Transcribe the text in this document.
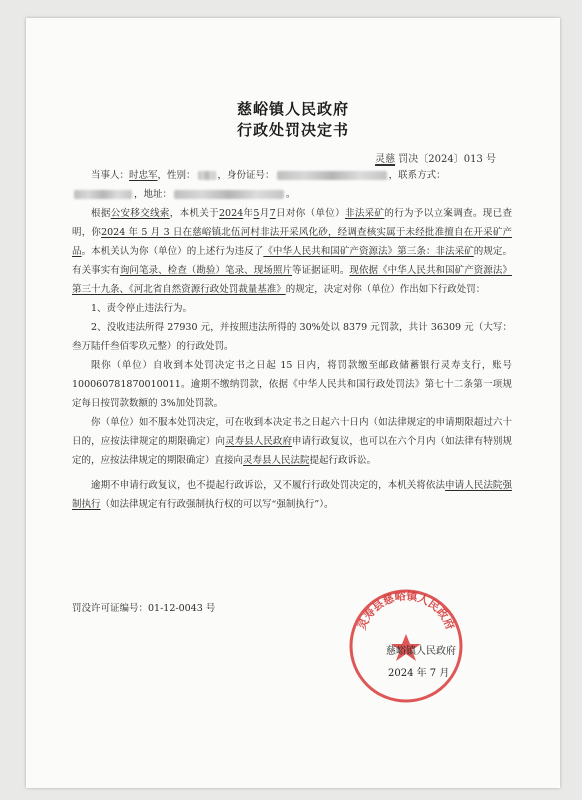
慈峪镇人民政府
行政处罚决定书
灵慈 罚决〔2024〕013 号

当事人：时忠军，性别： ，身份证号：	，联系方式：

，地址：	。

根据公安移交线索，本机关于2024年5月7日对你（单位）非法采矿的行为予以立案调查。现已查明，你2024 年 5 月 3 日在慈峪镇北伍河村非法开采风化砂，经调查核实属于未经批准擅自在开采矿产品。本机关认为你（单位）的上述行为违反了《中华人民共和国矿产资源法》第三条：非法采矿的规定。有关事实有询问笔录、检查（勘验）笔录、现场照片等证据证明。现依据《中华人民共和国矿产资源法》第三十九条、《河北省自然资源行政处罚裁量基准》的规定，决定对你（单位）作出如下行政处罚：

1、责令停止违法行为。

2、没收违法所得 27930 元，并按照违法所得的 30%处以 8379 元罚款，共计 36309 元（大写：叁万陆仟叁佰零玖元整）的行政处罚。

限你（单位）自收到本处罚决定书之日起 15 日内，将罚款缴至邮政储蓄银行灵寿支行，账号 100060781870010011。逾期不缴纳罚款，依据《中华人民共和国行政处罚法》第七十二条第一项规定每日按罚款数额的 3%加处罚款。

你（单位）如不服本处罚决定，可在收到本决定书之日起六十日内（如法律规定的申请期限超过六十日的，应按法律规定的期限确定）向灵寿县人民政府申请行政复议，也可以在六个月内（如法律有特别规定的，应按法律规定的期限确定）直接向灵寿县人民法院提起行政诉讼。

逾期不申请行政复议，也不提起行政诉讼，又不履行行政处罚决定的，本机关将依法申请人民法院强制执行（如法律规定有行政强制执行权的可以写“强制执行”）。

罚没许可证编号：01-12-0043 号
灵寿县慈峪镇人民政府
慈峪镇人民政府
2024 年 7 月
